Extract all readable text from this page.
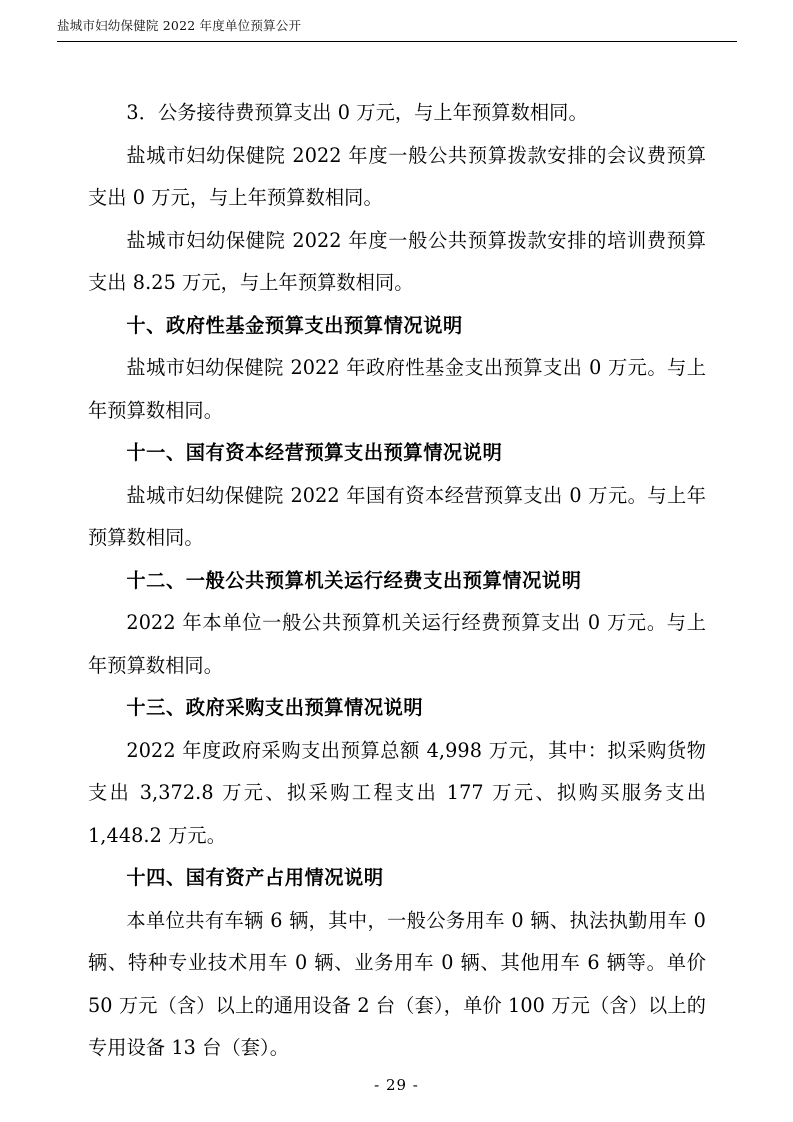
盐城市妇幼保健院 2022 年度单位预算公开

3．公务接待费预算支出 0 万元，与上年预算数相同。

盐城市妇幼保健院 2022 年度一般公共预算拨款安排的会议费预算支出 0 万元，与上年预算数相同。

盐城市妇幼保健院 2022 年度一般公共预算拨款安排的培训费预算支出 8.25 万元，与上年预算数相同。

十、政府性基金预算支出预算情况说明

盐城市妇幼保健院 2022 年政府性基金支出预算支出 0 万元。与上年预算数相同。

十一、国有资本经营预算支出预算情况说明

盐城市妇幼保健院 2022 年国有资本经营预算支出 0 万元。与上年预算数相同。

十二、一般公共预算机关运行经费支出预算情况说明

2022 年本单位一般公共预算机关运行经费预算支出 0 万元。与上年预算数相同。

十三、政府采购支出预算情况说明

2022 年度政府采购支出预算总额 4,998 万元，其中：拟采购货物支出 3,372.8 万元、拟采购工程支出 177 万元、拟购买服务支出 1,448.2 万元。

十四、国有资产占用情况说明

本单位共有车辆 6 辆，其中，一般公务用车 0 辆、执法执勤用车 0 辆、特种专业技术用车 0 辆、业务用车 0 辆、其他用车 6 辆等。单价 50 万元（含）以上的通用设备 2 台（套），单价 100 万元（含）以上的专用设备 13 台（套）。

- 29 -
